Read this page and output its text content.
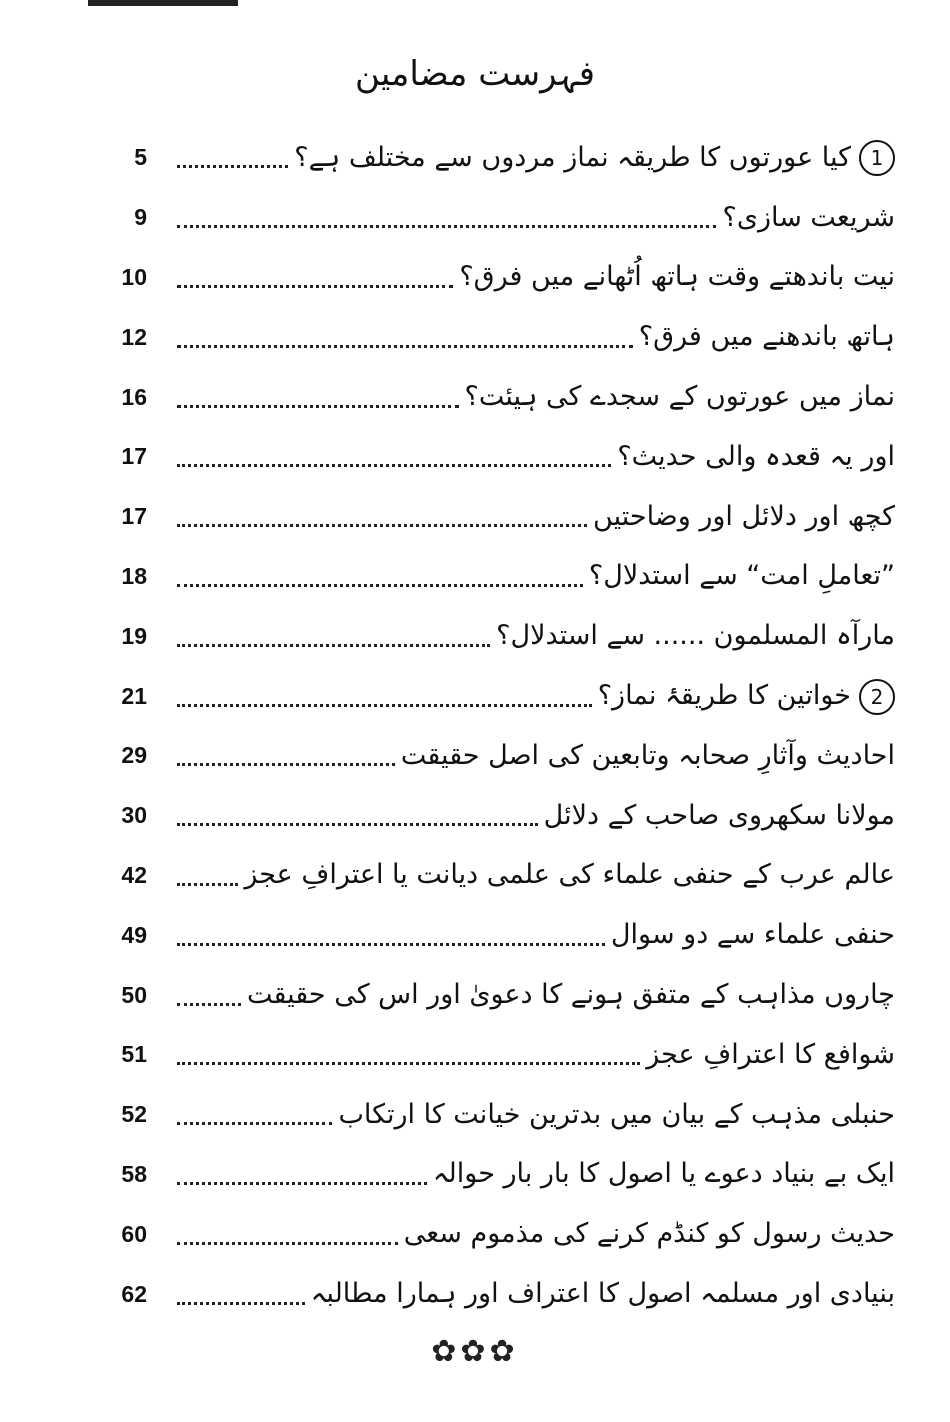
فہرست مضامین
5	1کیا عورتوں کا طریقہ نماز مردوں سے مختلف ہے؟
9	شریعت سازی؟
10	نیت باندھتے وقت ہاتھ اُٹھانے میں فرق؟
12	ہاتھ باندھنے میں فرق؟
16	نماز میں عورتوں کے سجدے کی ہیئت؟
17	اور یہ قعدہ والی حدیث؟
17	کچھ اور دلائل اور وضاحتیں
18	”تعاملِ امت“ سے استدلال؟
19	مارآہ المسلمون ...... سے استدلال؟
21	2خواتین کا طریقۂ نماز؟
29	احادیث وآثارِ صحابہ وتابعین کی اصل حقیقت
30	مولانا سکھروی صاحب کے دلائل
42	عالم عرب کے حنفی علماء کی علمی دیانت یا اعترافِ عجز
49	حنفی علماء سے دو سوال
50	چاروں مذاہب کے متفق ہونے کا دعویٰ اور اس کی حقیقت
51	شوافع کا اعترافِ عجز
52	حنبلی مذہب کے بیان میں بدترین خیانت کا ارتکاب
58	ایک بے بنیاد دعوے یا اصول کا بار بار حوالہ
60	حدیث رسول کو کنڈم کرنے کی مذموم سعی
62	بنیادی اور مسلمہ اصول کا اعتراف اور ہمارا مطالبہ
✿✿✿
